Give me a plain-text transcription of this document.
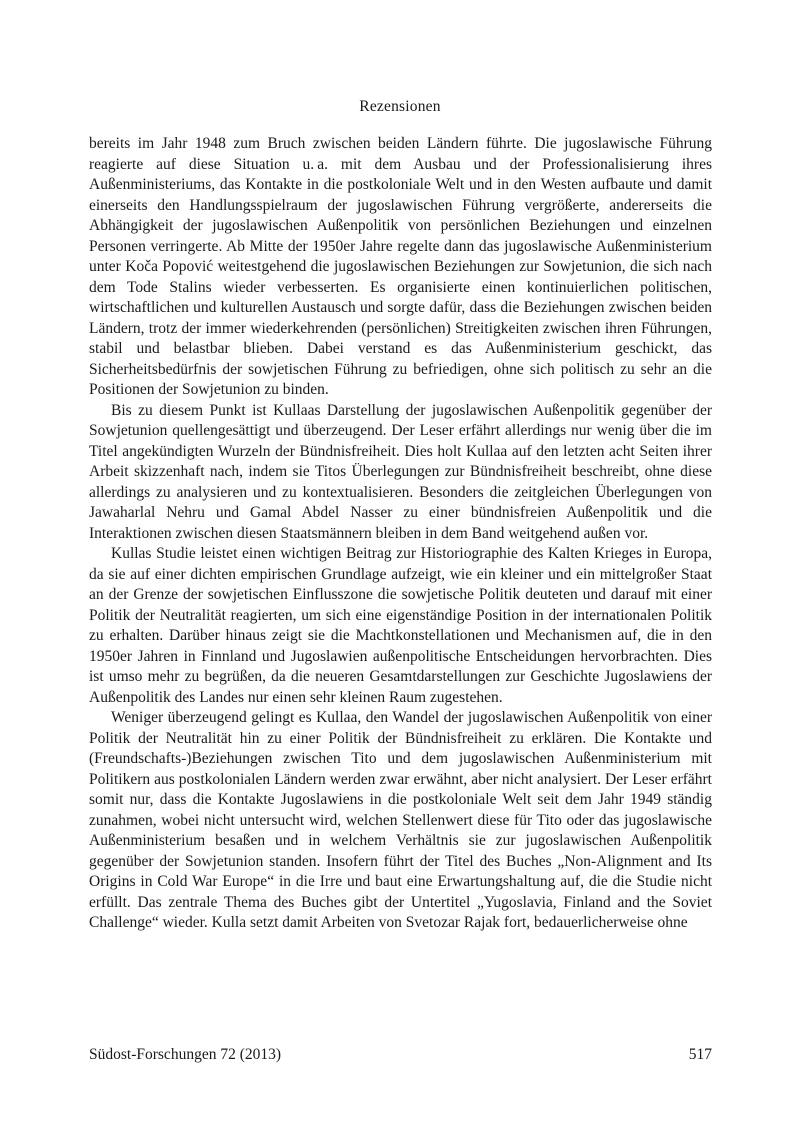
Rezensionen

bereits im Jahr 1948 zum Bruch zwischen beiden Ländern führte. Die jugoslawische Führung reagierte auf diese Situation u. a. mit dem Ausbau und der Professionalisierung ihres Außenministeriums, das Kontakte in die postkoloniale Welt und in den Westen aufbaute und damit einerseits den Handlungsspielraum der jugoslawischen Führung vergrößerte, andererseits die Abhängigkeit der jugoslawischen Außenpolitik von persönlichen Beziehungen und einzelnen Personen verringerte. Ab Mitte der 1950er Jahre regelte dann das jugoslawische Außenministerium unter Koča Popović weitestgehend die jugoslawischen Beziehungen zur Sowjetunion, die sich nach dem Tode Stalins wieder verbesserten. Es organisierte einen kontinuierlichen politischen, wirtschaftlichen und kulturellen Austausch und sorgte dafür, dass die Beziehungen zwischen beiden Ländern, trotz der immer wiederkehrenden (persönlichen) Streitigkeiten zwischen ihren Führungen, stabil und belastbar blieben. Dabei verstand es das Außenministerium geschickt, das Sicherheitsbedürfnis der sowjetischen Führung zu befriedigen, ohne sich politisch zu sehr an die Positionen der Sowjetunion zu binden.

Bis zu diesem Punkt ist Kullaas Darstellung der jugoslawischen Außenpolitik gegenüber der Sowjetunion quellengesättigt und überzeugend. Der Leser erfährt allerdings nur wenig über die im Titel angekündigten Wurzeln der Bündnisfreiheit. Dies holt Kullaa auf den letzten acht Seiten ihrer Arbeit skizzenhaft nach, indem sie Titos Überlegungen zur Bündnisfreiheit beschreibt, ohne diese allerdings zu analysieren und zu kontextualisieren. Besonders die zeitgleichen Überlegungen von Jawaharlal Nehru und Gamal Abdel Nasser zu einer bündnisfreien Außenpolitik und die Interaktionen zwischen diesen Staatsmännern bleiben in dem Band weitgehend außen vor.

Kullas Studie leistet einen wichtigen Beitrag zur Historiographie des Kalten Krieges in Europa, da sie auf einer dichten empirischen Grundlage aufzeigt, wie ein kleiner und ein mittelgroßer Staat an der Grenze der sowjetischen Einflusszone die sowjetische Politik deuteten und darauf mit einer Politik der Neutralität reagierten, um sich eine eigenständige Position in der internationalen Politik zu erhalten. Darüber hinaus zeigt sie die Machtkonstellationen und Mechanismen auf, die in den 1950er Jahren in Finnland und Jugoslawien außenpolitische Entscheidungen hervorbrachten. Dies ist umso mehr zu begrüßen, da die neueren Gesamtdarstellungen zur Geschichte Jugoslawiens der Außenpolitik des Landes nur einen sehr kleinen Raum zugestehen.

Weniger überzeugend gelingt es Kullaa, den Wandel der jugoslawischen Außenpolitik von einer Politik der Neutralität hin zu einer Politik der Bündnisfreiheit zu erklären. Die Kontakte und (Freundschafts-)Beziehungen zwischen Tito und dem jugoslawischen Außenministerium mit Politikern aus postkolonialen Ländern werden zwar erwähnt, aber nicht analysiert. Der Leser erfährt somit nur, dass die Kontakte Jugoslawiens in die postkoloniale Welt seit dem Jahr 1949 ständig zunahmen, wobei nicht untersucht wird, welchen Stellenwert diese für Tito oder das jugoslawische Außenministerium besaßen und in welchem Verhältnis sie zur jugoslawischen Außenpolitik gegenüber der Sowjetunion standen. Insofern führt der Titel des Buches „Non-Alignment and Its Origins in Cold War Europe“ in die Irre und baut eine Erwartungshaltung auf, die die Studie nicht erfüllt. Das zentrale Thema des Buches gibt der Untertitel „Yugoslavia, Finland and the Soviet Challenge“ wieder. Kulla setzt damit Arbeiten von Svetozar Rajak fort, bedauerlicherweise ohne

Südost-Forschungen 72 (2013)	517
